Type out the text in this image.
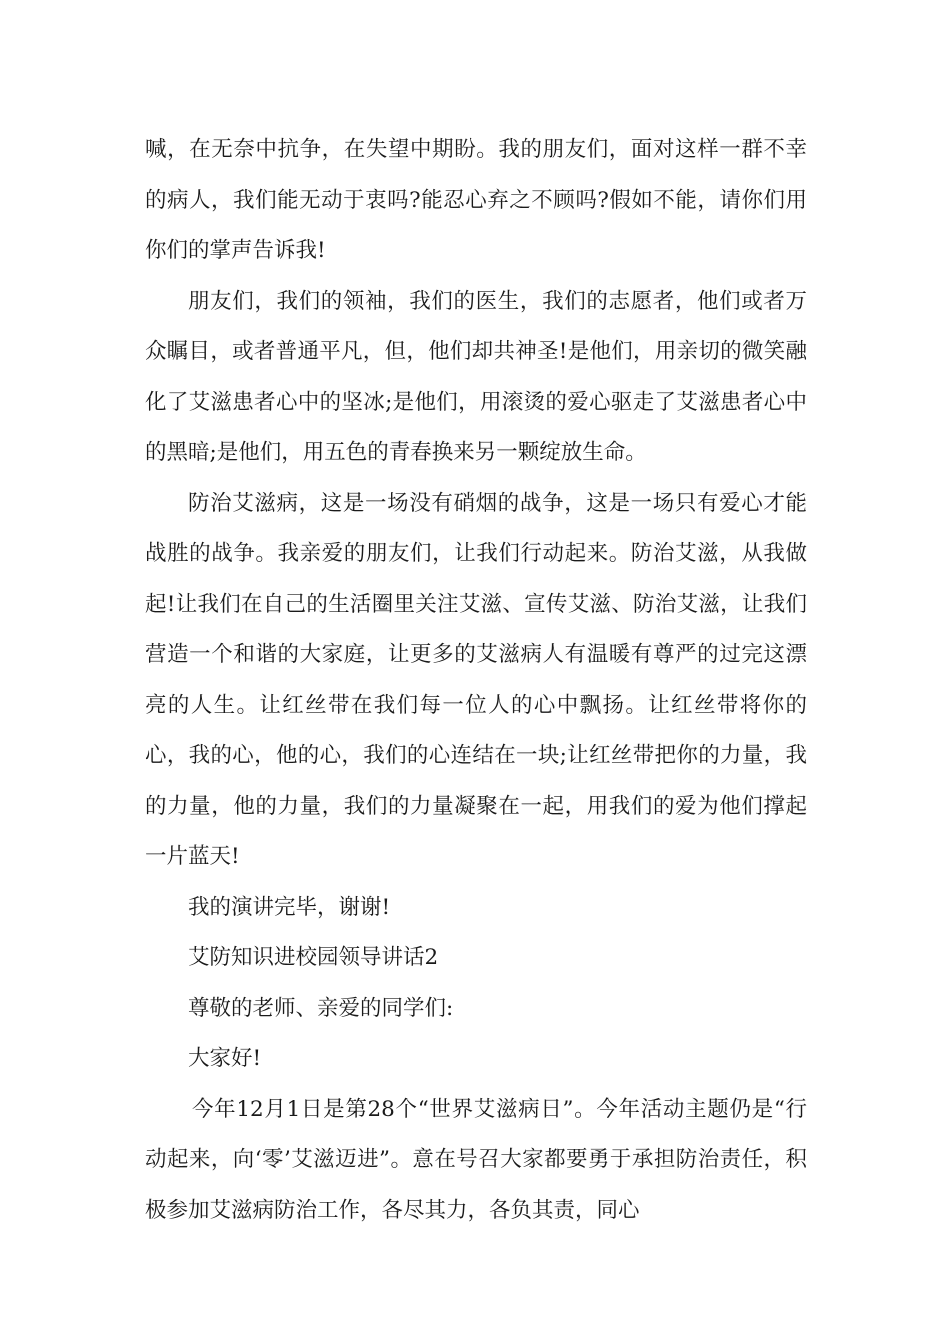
喊，在无奈中抗争，在失望中期盼。我的朋友们，面对这样一群不幸的病人，我们能无动于衷吗?能忍心弃之不顾吗?假如不能，请你们用你们的掌声告诉我!

朋友们，我们的领袖，我们的医生，我们的志愿者，他们或者万众瞩目，或者普通平凡，但，他们却共神圣!是他们，用亲切的微笑融化了艾滋患者心中的坚冰;是他们，用滚烫的爱心驱走了艾滋患者心中的黑暗;是他们，用五色的青春换来另一颗绽放生命。

防治艾滋病，这是一场没有硝烟的战争，这是一场只有爱心才能战胜的战争。我亲爱的朋友们，让我们行动起来。防治艾滋，从我做起!让我们在自己的生活圈里关注艾滋、宣传艾滋、防治艾滋，让我们营造一个和谐的大家庭，让更多的艾滋病人有温暖有尊严的过完这漂亮的人生。让红丝带在我们每一位人的心中飘扬。让红丝带将你的心，我的心，他的心，我们的心连结在一块;让红丝带把你的力量，我的力量，他的力量，我们的力量凝聚在一起，用我们的爱为他们撑起一片蓝天!

我的演讲完毕，谢谢!

艾防知识进校园领导讲话2

尊敬的老师、亲爱的同学们:

大家好!

今年12月1日是第28个“世界艾滋病日”。今年活动主题仍是“行动起来，向‘零’艾滋迈进”。意在号召大家都要勇于承担防治责任，积极参加艾滋病防治工作，各尽其力，各负其责，同心
